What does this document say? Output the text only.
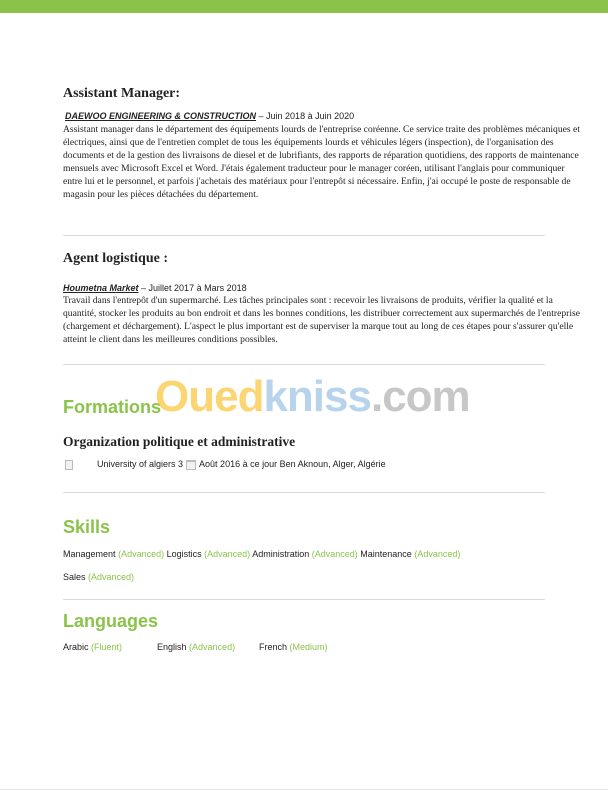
Assistant Manager:
DAEWOO ENGINEERING & CONSTRUCTION – Juin 2018 à Juin 2020

Assistant manager dans le département des équipements lourds de l'entreprise coréenne. Ce service traite des problèmes mécaniques et électriques, ainsi que de l'entretien complet de tous les équipements lourds et véhicules légers (inspection), de l'organisation des documents et de la gestion des livraisons de diesel et de lubrifiants, des rapports de réparation quotidiens, des rapports de maintenance mensuels avec Microsoft Excel et Word. J'étais également traducteur pour le manager coréen, utilisant l'anglais pour communiquer entre lui et le personnel, et parfois j'achetais des matériaux pour l'entrepôt si nécessaire. Enfin, j'ai occupé le poste de responsable de magasin pour les pièces détachées du département.

Agent logistique :
Houmetna Market – Juillet 2017 à Mars 2018

Travail dans l'entrepôt d'un supermarché. Les tâches principales sont : recevoir les livraisons de produits, vérifier la qualité et la quantité, stocker les produits au bon endroit et dans les bonnes conditions, les distribuer correctement aux supermarchés de l'entreprise (chargement et déchargement). L'aspect le plus important est de superviser la marque tout au long de ces étapes pour s'assurer qu'elle atteint le client dans les meilleures conditions possibles.

Formations
Organization politique et administrative
University of algiers 3 Août 2016 à ce jour Ben Aknoun, Alger, Algérie
Skills
Management (Advanced) Logistics (Advanced) Administration (Advanced) Maintenance (Advanced)
Sales (Advanced)
Languages
Arabic (Fluent)	English (Advanced)	French (Medium)
Ouedkniss.com
